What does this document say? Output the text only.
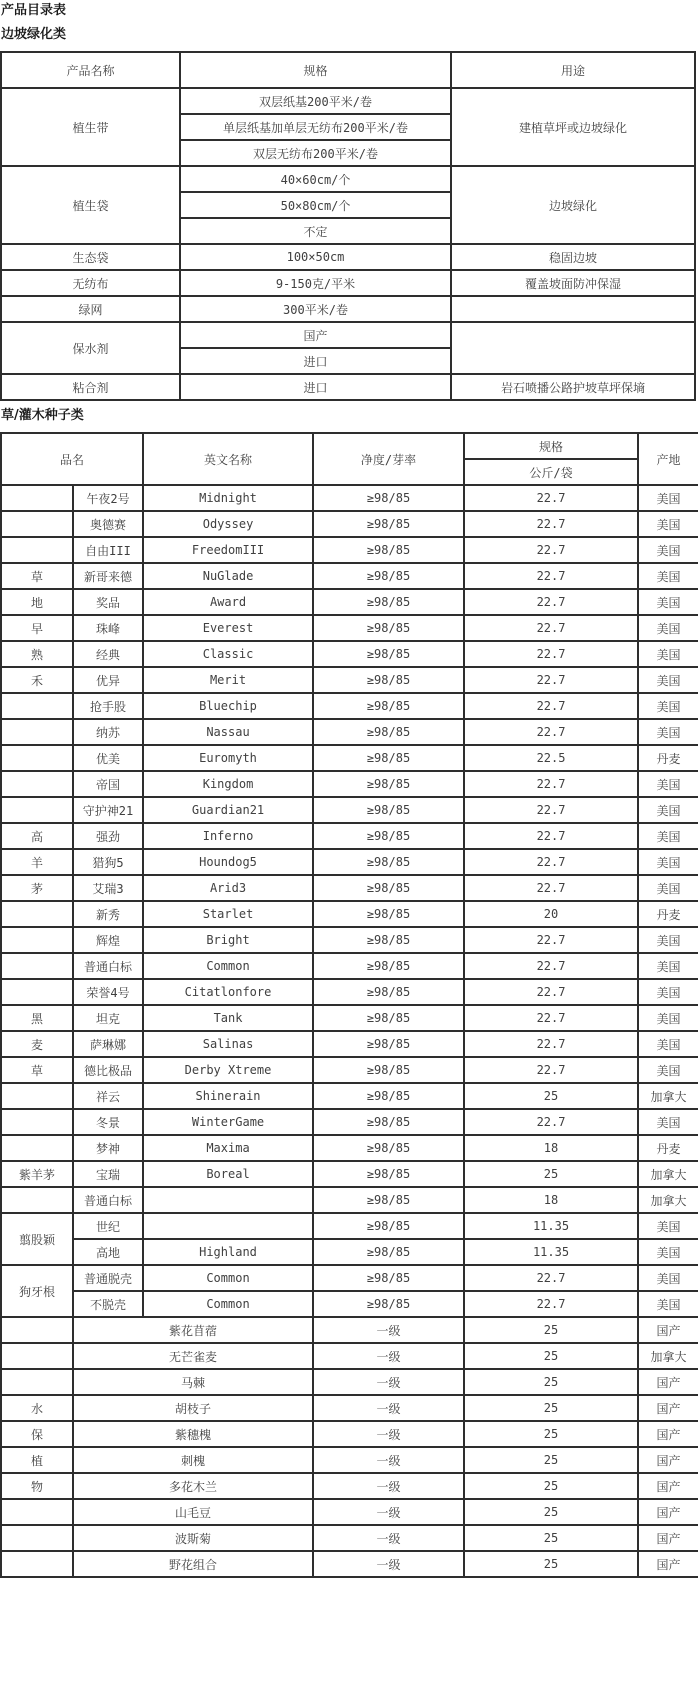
产品目录表
边坡绿化类
产品名称	规格	用途
植生带	双层纸基200平米/卷	建植草坪或边坡绿化
	单层纸基加单层无纺布200平米/卷	
	双层无纺布200平米/卷	
植生袋	40×60cm/个	边坡绿化
	50×80cm/个	
	不定	
生态袋	100×50cm	稳固边坡
无纺布	9-150克/平米	覆盖坡面防冲保湿
绿网	300平米/卷	
保水剂	国产	
	进口	
粘合剂	进口	岩石喷播公路护坡草坪保墒
草/灌木种子类
品名		英文名称	净度/芽率	规格	产地
				公斤/袋	
	午夜2号	Midnight	≥98/85	22.7	美国
	奥德赛	Odyssey	≥98/85	22.7	美国
	自由III	FreedomIII	≥98/85	22.7	美国
草	新哥来德	NuGlade	≥98/85	22.7	美国
地	奖品	Award	≥98/85	22.7	美国
早	珠峰	Everest	≥98/85	22.7	美国
熟	经典	Classic	≥98/85	22.7	美国
禾	优异	Merit	≥98/85	22.7	美国
	抢手股	Bluechip	≥98/85	22.7	美国
	纳苏	Nassau	≥98/85	22.7	美国
	优美	Euromyth	≥98/85	22.5	丹麦
	帝国	Kingdom	≥98/85	22.7	美国
	守护神21	Guardian21	≥98/85	22.7	美国
高	强劲	Inferno	≥98/85	22.7	美国
羊	猎狗5	Houndog5	≥98/85	22.7	美国
茅	艾瑞3	Arid3	≥98/85	22.7	美国
	新秀	Starlet	≥98/85	20	丹麦
	辉煌	Bright	≥98/85	22.7	美国
	普通白标	Common	≥98/85	22.7	美国
	荣誉4号	Citatlonfore	≥98/85	22.7	美国
黑	坦克	Tank	≥98/85	22.7	美国
麦	萨琳娜	Salinas	≥98/85	22.7	美国
草	德比极品	Derby Xtreme	≥98/85	22.7	美国
	祥云	Shinerain	≥98/85	25	加拿大
	冬景	WinterGame	≥98/85	22.7	美国
	梦神	Maxima	≥98/85	18	丹麦
紫羊茅	宝瑞	Boreal	≥98/85	25	加拿大
	普通白标		≥98/85	18	加拿大
翦股颖	世纪		≥98/85	11.35	美国
	高地	Highland	≥98/85	11.35	美国
狗牙根	普通脱壳	Common	≥98/85	22.7	美国
	不脱壳	Common	≥98/85	22.7	美国
	紫花苜蓿		一级	25	国产
	无芒雀麦		一级	25	加拿大
	马棘		一级	25	国产
水	胡枝子		一级	25	国产
保	紫穗槐		一级	25	国产
植	刺槐		一级	25	国产
物	多花木兰		一级	25	国产
	山毛豆		一级	25	国产
	波斯菊		一级	25	国产
	野花组合		一级	25	国产
